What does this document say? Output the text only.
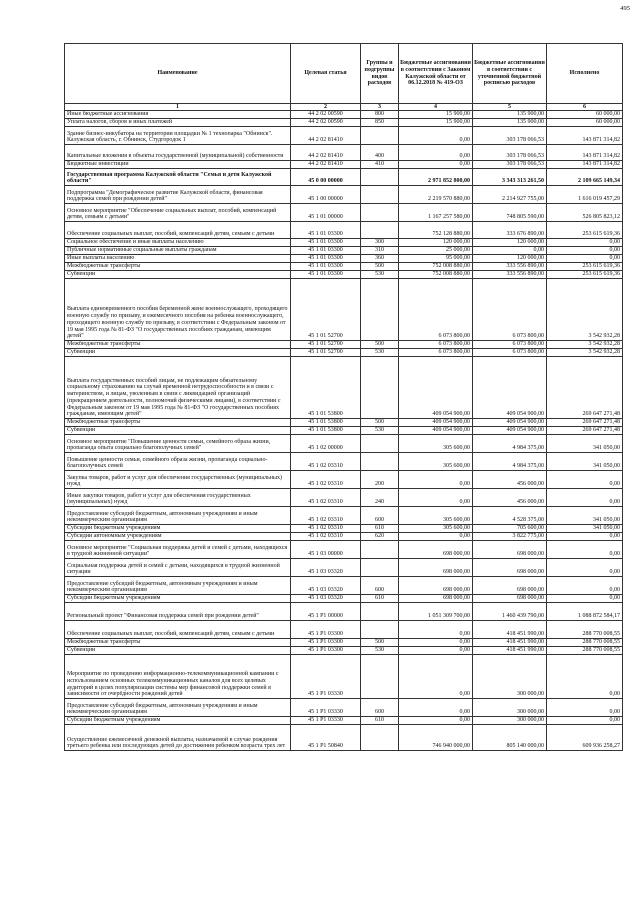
495
Наименование	Целевая статья	Группы и подгруппы видов расходов	Бюджетные ассигнования в соответствии с Законом Калужской области от 06.12.2018 № 419-ОЗ	Бюджетные ассигнования в соответствии с уточненной бюджетной росписью расходов	Исполнено
1	2	3	4	5	6
Иные бюджетные ассигнования	44 2 02 00590	800	15 900,00	135 900,00	60 000,00
Уплата налогов, сборов и иных платежей	44 2 02 00590	850	15 900,00	135 900,00	60 000,00
Здание бизнес-инкубатора на территории площадки № 1 технопарка "Обнинск". Калужская область, г. Обнинск, Студгородок 1	44 2 02 81410		0,00	303 178 066,53	143 871 314,82
Капитальные вложения в объекты государственной (муниципальной) собственности	44 2 02 81410	400	0,00	303 178 066,53	143 871 314,82
Бюджетные инвестиции	44 2 02 81410	410	0,00	303 178 066,53	143 871 314,82
Государственная программа Калужской области "Семья и дети Калужской области"	45 0 00 00000		2 971 852 800,00	3 343 313 261,50	2 109 665 149,34
Подпрограмма "Демографическое развитие Калужской области, финансовая поддержка семей при рождении детей"	45 1 00 00000		2 219 570 880,00	2 214 927 755,00	1 616 019 457,29
Основное мероприятие "Обеспечение социальных выплат, пособий, компенсаций детям, семьям с детьми"	45 1 01 00000		1 167 257 580,00	748 805 590,00	526 805 823,12
Обеспечение социальных выплат, пособий, компенсаций детям, семьям с детьми	45 1 01 03300		752 128 880,00	333 676 890,00	253 615 619,36
Социальное обеспечение и иные выплаты населению	45 1 01 03300	300	120 000,00	120 000,00	0,00
Публичные нормативные социальные выплаты гражданам	45 1 01 03300	310	25 000,00	0,00	0,00
Иные выплаты населению	45 1 01 03300	360	95 000,00	120 000,00	0,00
Межбюджетные трансферты	45 1 01 03300	500	752 008 880,00	333 556 890,00	253 615 619,36
Субвенции	45 1 01 03300	530	752 008 880,00	333 556 890,00	253 615 619,36
Выплата единовременного пособия беременной жене военнослужащего, проходящего военную службу по призыву, и ежемесячного пособия на ребенка военнослужащего, проходящего военную службу по призыву, в соответствии с Федеральным законом от 19 мая 1995 года № 81-ФЗ "О государственных пособиях гражданам, имеющим детей"	45 1 01 52700		6 073 800,00	6 073 800,00	3 542 932,28
Межбюджетные трансферты	45 1 01 52700	500	6 073 800,00	6 073 800,00	3 542 932,28
Субвенции	45 1 01 52700	530	6 073 800,00	6 073 800,00	3 542 932,28
Выплата государственных пособий лицам, не подлежащим обязательному социальному страхованию на случай временной нетрудоспособности и в связи с материнством, и лицам, уволенным в связи с ликвидацией организаций (прекращением деятельности, полномочий физическими лицами), в соответствии с Федеральным законом от 19 мая 1995 года № 81-ФЗ "О государственных пособиях гражданам, имеющим детей"	45 1 01 53800		409 054 900,00	409 054 900,00	269 647 271,48
Межбюджетные трансферты	45 1 01 53800	500	409 054 900,00	409 054 900,00	269 647 271,48
Субвенции	45 1 01 53800	530	409 054 900,00	409 054 900,00	269 647 271,48
Основное мероприятие "Повышение ценности семьи, семейного образа жизни, пропаганда опыта социально благополучных семей"	45 1 02 00000		305 600,00	4 984 375,00	341 050,00
Повышение ценности семьи, семейного образа жизни, пропаганда социально-благополучных семей	45 1 02 03310		305 600,00	4 984 375,00	341 050,00
Закупка товаров, работ и услуг для обеспечения государственных (муниципальных) нужд	45 1 02 03310	200	0,00	456 000,00	0,00
Иные закупки товаров, работ и услуг для обеспечения государственных (муниципальных) нужд	45 1 02 03310	240	0,00	456 000,00	0,00
Предоставление субсидий бюджетным, автономным учреждениям и иным некоммерческим организациям	45 1 02 03310	600	305 600,00	4 528 375,00	341 050,00
Субсидии бюджетным учреждениям	45 1 02 03310	610	305 600,00	705 600,00	341 050,00
Субсидии автономным учреждениям	45 1 02 03310	620	0,00	3 822 775,00	0,00
Основное мероприятие "Социальная поддержка детей и семей с детьми, находящихся в трудной жизненной ситуации"	45 1 03 00000		698 000,00	698 000,00	0,00
Социальная поддержка детей и семей с детьми, находящихся в трудной жизненной ситуации	45 1 03 03320		698 000,00	698 000,00	0,00
Предоставление субсидий бюджетным, автономным учреждениям и иным некоммерческим организациям	45 1 03 03320	600	698 000,00	698 000,00	0,00
Субсидии бюджетным учреждениям	45 1 03 03320	610	698 000,00	698 000,00	0,00
Региональный проект "Финансовая поддержка семей при рождении детей"	45 1 P1 00000		1 051 309 700,00	1 460 439 790,00	1 088 872 584,17
Обеспечение социальных выплат, пособий, компенсаций детям, семьям с детьми	45 1 P1 03300		0,00	418 451 990,00	288 770 008,55
Межбюджетные трансферты	45 1 P1 03300	500	0,00	418 451 990,00	288 770 008,55
Субвенции	45 1 P1 03300	530	0,00	418 451 990,00	288 770 008,55
Мероприятие по проведению информационно-телекоммуникационной кампании с использованием основных телекоммуникационных каналов для всех целевых аудиторий в целях популяризации системы мер финансовой поддержки семей в зависимости от очерёдности рождений детей	45 1 P1 03330		0,00	300 000,00	0,00
Предоставление субсидий бюджетным, автономным учреждениям и иным некоммерческим организациям	45 1 P1 03330	600	0,00	300 000,00	0,00
Субсидии бюджетным учреждениям	45 1 P1 03330	610	0,00	300 000,00	0,00
Осуществление ежемесячной денежной выплаты, назначаемой в случае рождения третьего ребенка или последующих детей до достижения ребенком возраста трех лет	45 1 P1 50840		746 940 000,00	805 140 000,00	609 936 258,27
